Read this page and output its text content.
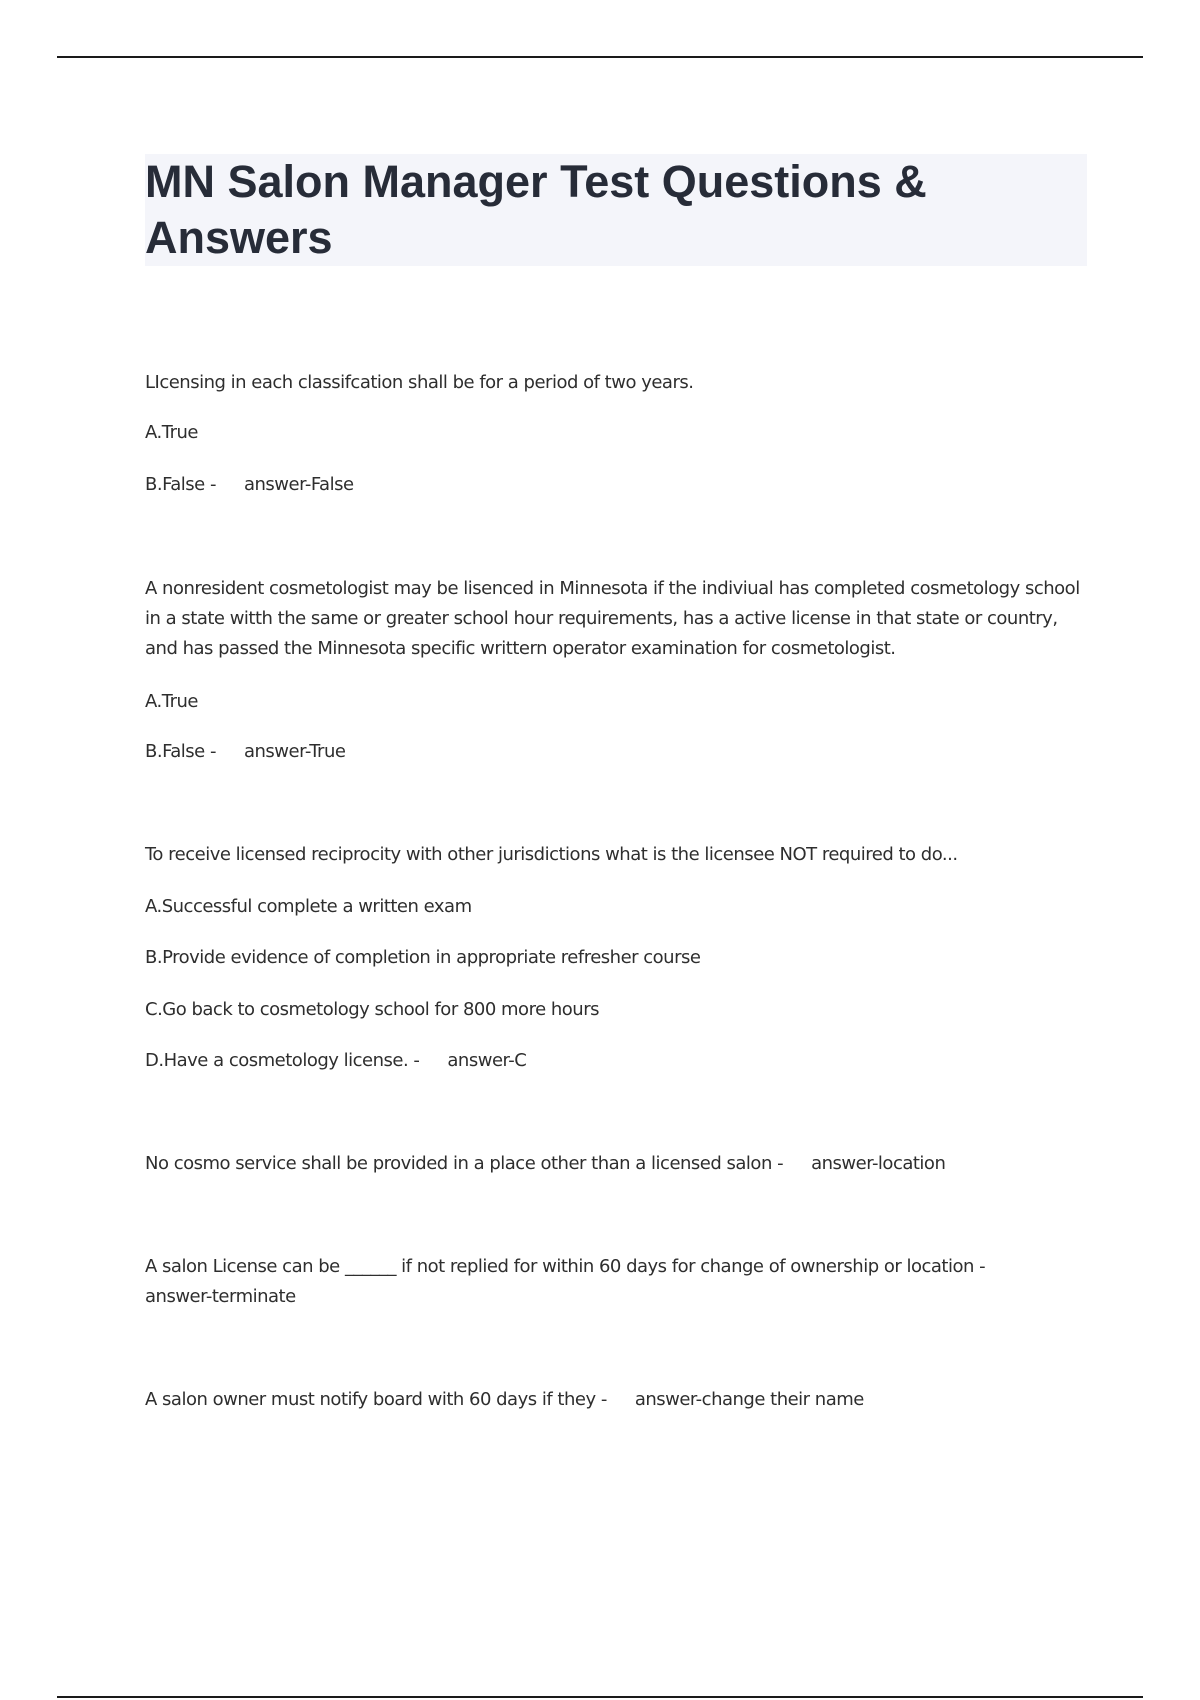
MN Salon Manager Test Questions & Answers

LIcensing in each classifcation shall be for a period of two years.

A.True

B.False - answer-False

A nonresident cosmetologist may be lisenced in Minnesota if the indiviual has completed cosmetology school in a state witth the same or greater school hour requirements, has a active license in that state or country, and has passed the Minnesota specific writtern operator examination for cosmetologist.

A.True

B.False - answer-True

To receive licensed reciprocity with other jurisdictions what is the licensee NOT required to do...

A.Successful complete a written exam

B.Provide evidence of completion in appropriate refresher course

C.Go back to cosmetology school for 800 more hours

D.Have a cosmetology license. - answer-C

No cosmo service shall be provided in a place other than a licensed salon - answer-location

A salon License can be ______ if not replied for within 60 days for change of ownership or location -

answer-terminate

A salon owner must notify board with 60 days if they - answer-change their name
